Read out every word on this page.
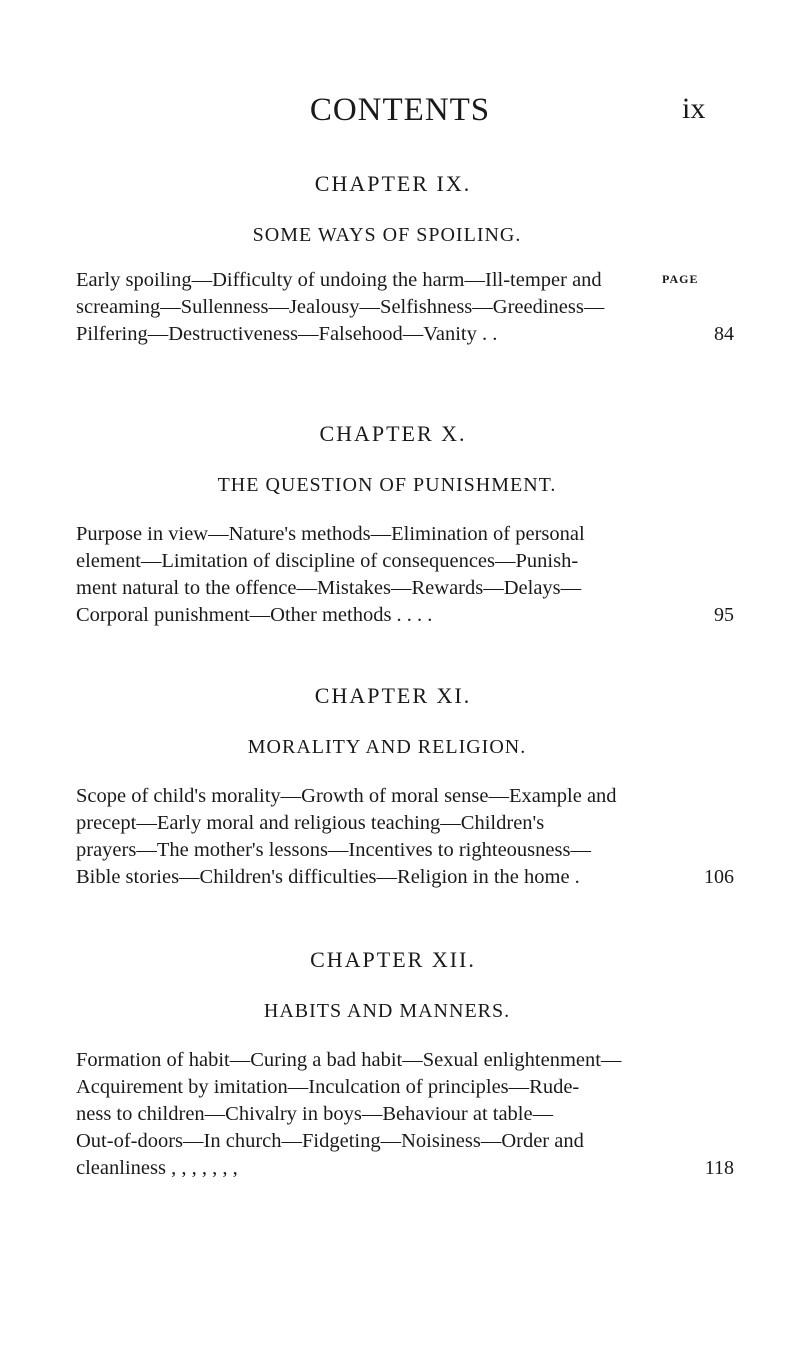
CONTENTS	ix
PAGE
CHAPTER IX.
SOME WAYS OF SPOILING.
Early spoiling—Difficulty of undoing the harm—Ill-temper and
screaming—Sullenness—Jealousy—Selfishness—Greediness—
Pilfering—Destructiveness—Falsehood—Vanity . .	84
CHAPTER X.
THE QUESTION OF PUNISHMENT.
Purpose in view—Nature's methods—Elimination of personal
element—Limitation of discipline of consequences—Punish-
ment natural to the offence—Mistakes—Rewards—Delays—
Corporal punishment—Other methods . . . .	95
CHAPTER XI.
MORALITY AND RELIGION.
Scope of child's morality—Growth of moral sense—Example and
precept—Early moral and religious teaching—Children's
prayers—The mother's lessons—Incentives to righteousness—
Bible stories—Children's difficulties—Religion in the home .	106
CHAPTER XII.
HABITS AND MANNERS.
Formation of habit—Curing a bad habit—Sexual enlightenment—
Acquirement by imitation—Inculcation of principles—Rude-
ness to children—Chivalry in boys—Behaviour at table—
Out-of-doors—In church—Fidgeting—Noisiness—Order and
cleanliness , , , , , , ,	118
